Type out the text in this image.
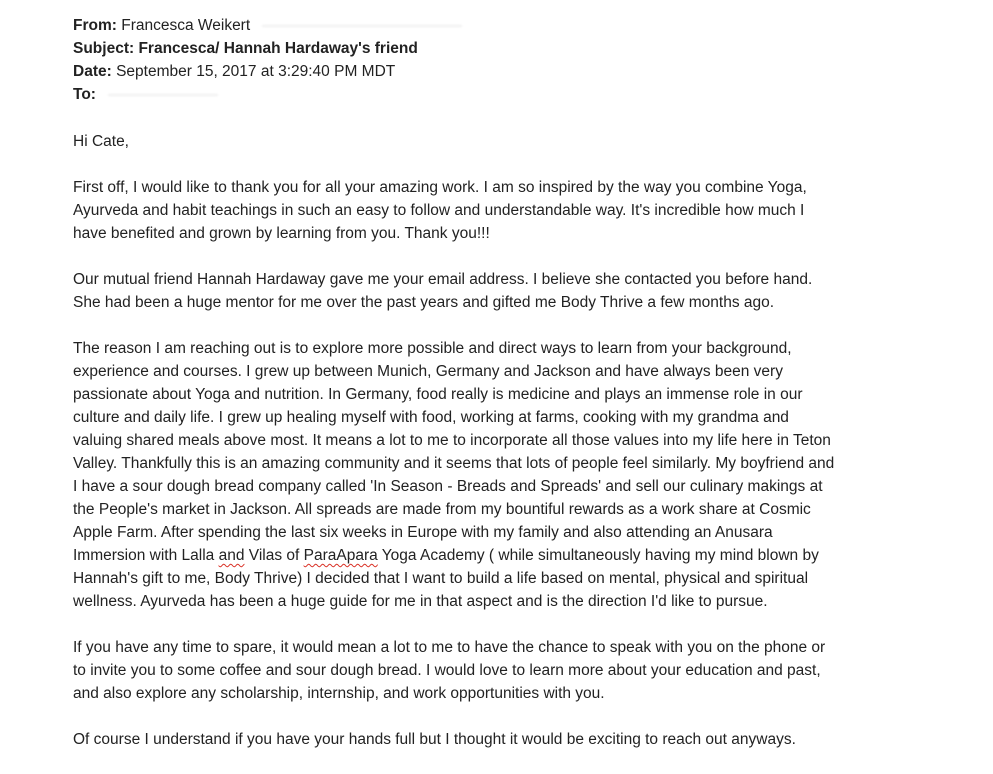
From: Francesca Weikert
Subject: Francesca/ Hannah Hardaway's friend
Date: September 15, 2017 at 3:29:40 PM MDT
To:

Hi Cate,

First off, I would like to thank you for all your amazing work. I am so inspired by the way you combine Yoga,
Ayurveda and habit teachings in such an easy to follow and understandable way. It's incredible how much I
have benefited and grown by learning from you. Thank you!!!

Our mutual friend Hannah Hardaway gave me your email address. I believe she contacted you before hand.
She had been a huge mentor for me over the past years and gifted me Body Thrive a few months ago.

The reason I am reaching out is to explore more possible and direct ways to learn from your background,
experience and courses. I grew up between Munich, Germany and Jackson and have always been very
passionate about Yoga and nutrition. In Germany, food really is medicine and plays an immense role in our
culture and daily life. I grew up healing myself with food, working at farms, cooking with my grandma and
valuing shared meals above most. It means a lot to me to incorporate all those values into my life here in Teton
Valley. Thankfully this is an amazing community and it seems that lots of people feel similarly. My boyfriend and
I have a sour dough bread company called 'In Season - Breads and Spreads' and sell our culinary makings at
the People's market in Jackson. All spreads are made from my bountiful rewards as a work share at Cosmic
Apple Farm. After spending the last six weeks in Europe with my family and also attending an Anusara
Immersion with Lalla and Vilas of ParaApara Yoga Academy ( while simultaneously having my mind blown by
Hannah's gift to me, Body Thrive) I decided that I want to build a life based on mental, physical and spiritual
wellness. Ayurveda has been a huge guide for me in that aspect and is the direction I'd like to pursue.

If you have any time to spare, it would mean a lot to me to have the chance to speak with you on the phone or
to invite you to some coffee and sour dough bread. I would love to learn more about your education and past,
and also explore any scholarship, internship, and work opportunities with you.

Of course I understand if you have your hands full but I thought it would be exciting to reach out anyways.
